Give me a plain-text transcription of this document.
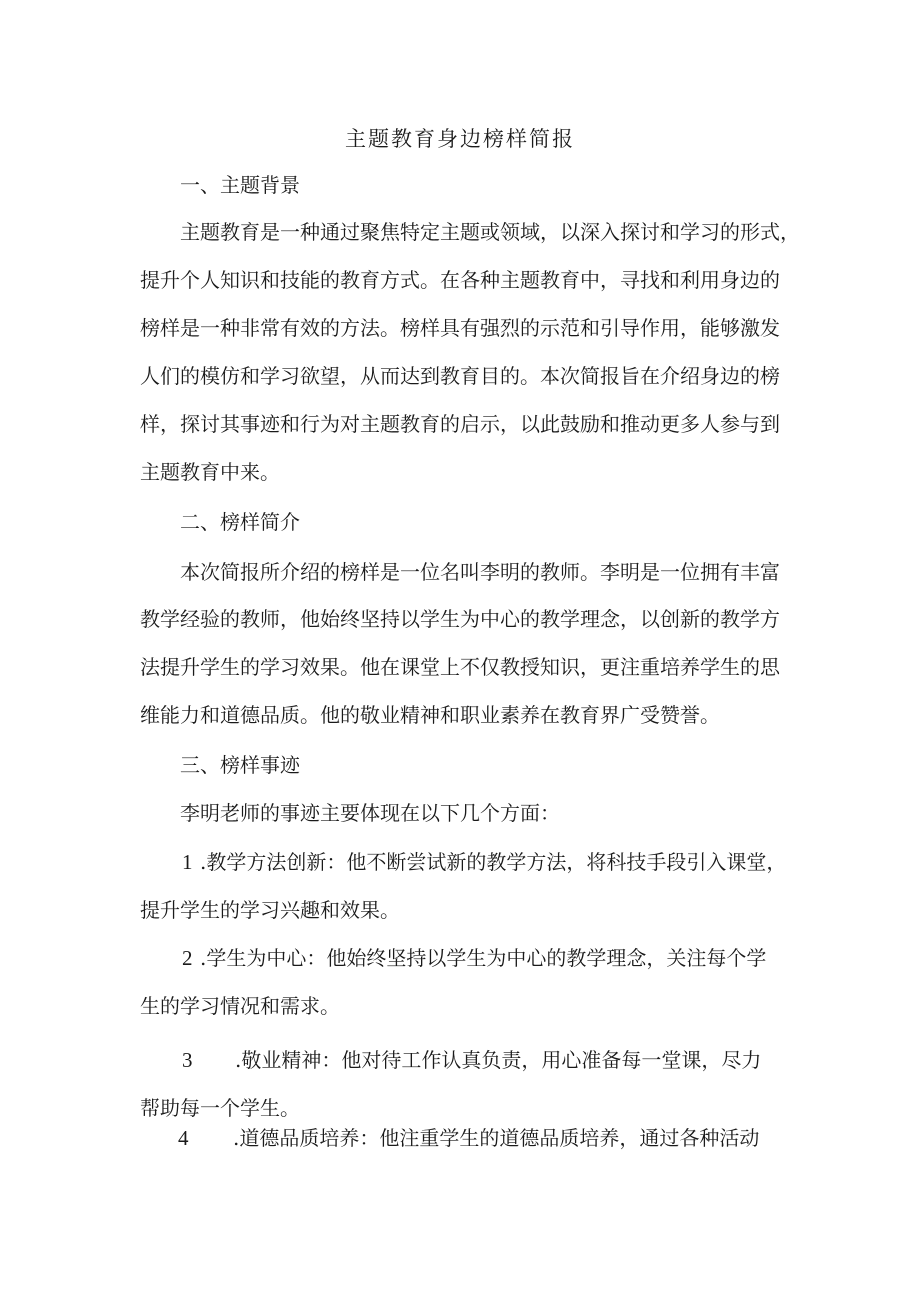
主题教育身边榜样简报
一、主题背景
主题教育是一种通过聚焦特定主题或领域，以深入探讨和学习的形式，
提升个人知识和技能的教育方式。在各种主题教育中，寻找和利用身边的
榜样是一种非常有效的方法。榜样具有强烈的示范和引导作用，能够激发
人们的模仿和学习欲望，从而达到教育目的。本次简报旨在介绍身边的榜
样，探讨其事迹和行为对主题教育的启示，以此鼓励和推动更多人参与到
主题教育中来。
二、榜样简介
本次简报所介绍的榜样是一位名叫李明的教师。李明是一位拥有丰富
教学经验的教师，他始终坚持以学生为中心的教学理念，以创新的教学方
法提升学生的学习效果。他在课堂上不仅教授知识，更注重培养学生的思
维能力和道德品质。他的敬业精神和职业素养在教育界广受赞誉。
三、榜样事迹
李明老师的事迹主要体现在以下几个方面：
1 .教学方法创新：他不断尝试新的教学方法，将科技手段引入课堂，
提升学生的学习兴趣和效果。
2 .学生为中心：他始终坚持以学生为中心的教学理念，关注每个学
生的学习情况和需求。
3 .敬业精神：他对待工作认真负责，用心准备每一堂课，尽力
帮助每一个学生。
4 .道德品质培养：他注重学生的道德品质培养，通过各种活动
